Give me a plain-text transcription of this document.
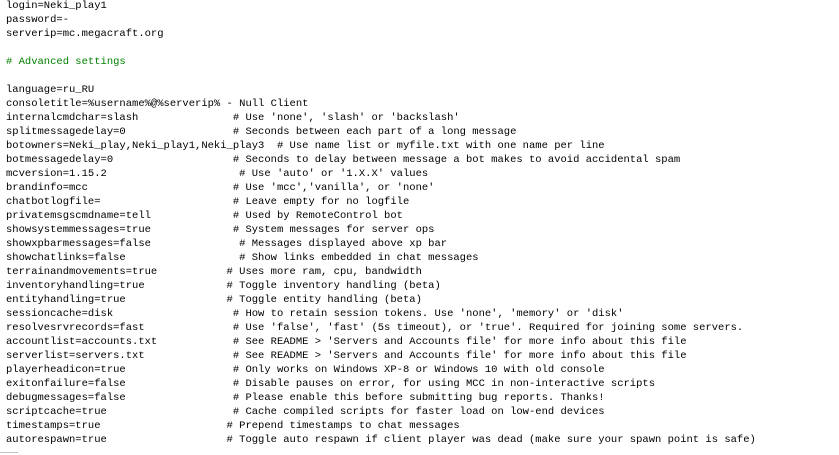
login=Neki_play1
password=-
serverip=mc.megacraft.org

# Advanced settings

language=ru_RU
consoletitle=%username%@%serverip% - Null Client
internalcmdchar=slash               # Use 'none', 'slash' or 'backslash'
splitmessagedelay=0                 # Seconds between each part of a long message
botowners=Neki_play,Neki_play1,Neki_play3  # Use name list or myfile.txt with one name per line
botmessagedelay=0                   # Seconds to delay between message a bot makes to avoid accidental spam
mcversion=1.15.2                     # Use 'auto' or '1.X.X' values
brandinfo=mcc                       # Use 'mcc','vanilla', or 'none'
chatbotlogfile=                     # Leave empty for no logfile
privatemsgscmdname=tell             # Used by RemoteControl bot
showsystemmessages=true             # System messages for server ops
showxpbarmessages=false              # Messages displayed above xp bar
showchatlinks=false                  # Show links embedded in chat messages
terrainandmovements=true           # Uses more ram, cpu, bandwidth
inventoryhandling=true             # Toggle inventory handling (beta)
entityhandling=true                # Toggle entity handling (beta)
sessioncache=disk                   # How to retain session tokens. Use 'none', 'memory' or 'disk'
resolvesrvrecords=fast              # Use 'false', 'fast' (5s timeout), or 'true'. Required for joining some servers.
accountlist=accounts.txt            # See README > 'Servers and Accounts file' for more info about this file
serverlist=servers.txt              # See README > 'Servers and Accounts file' for more info about this file
playerheadicon=true                 # Only works on Windows XP-8 or Windows 10 with old console
exitonfailure=false                 # Disable pauses on error, for using MCC in non-interactive scripts
debugmessages=false                 # Please enable this before submitting bug reports. Thanks!
scriptcache=true                    # Cache compiled scripts for faster load on low-end devices
timestamps=true                    # Prepend timestamps to chat messages
autorespawn=true                   # Toggle auto respawn if client player was dead (make sure your spawn point is safe)
